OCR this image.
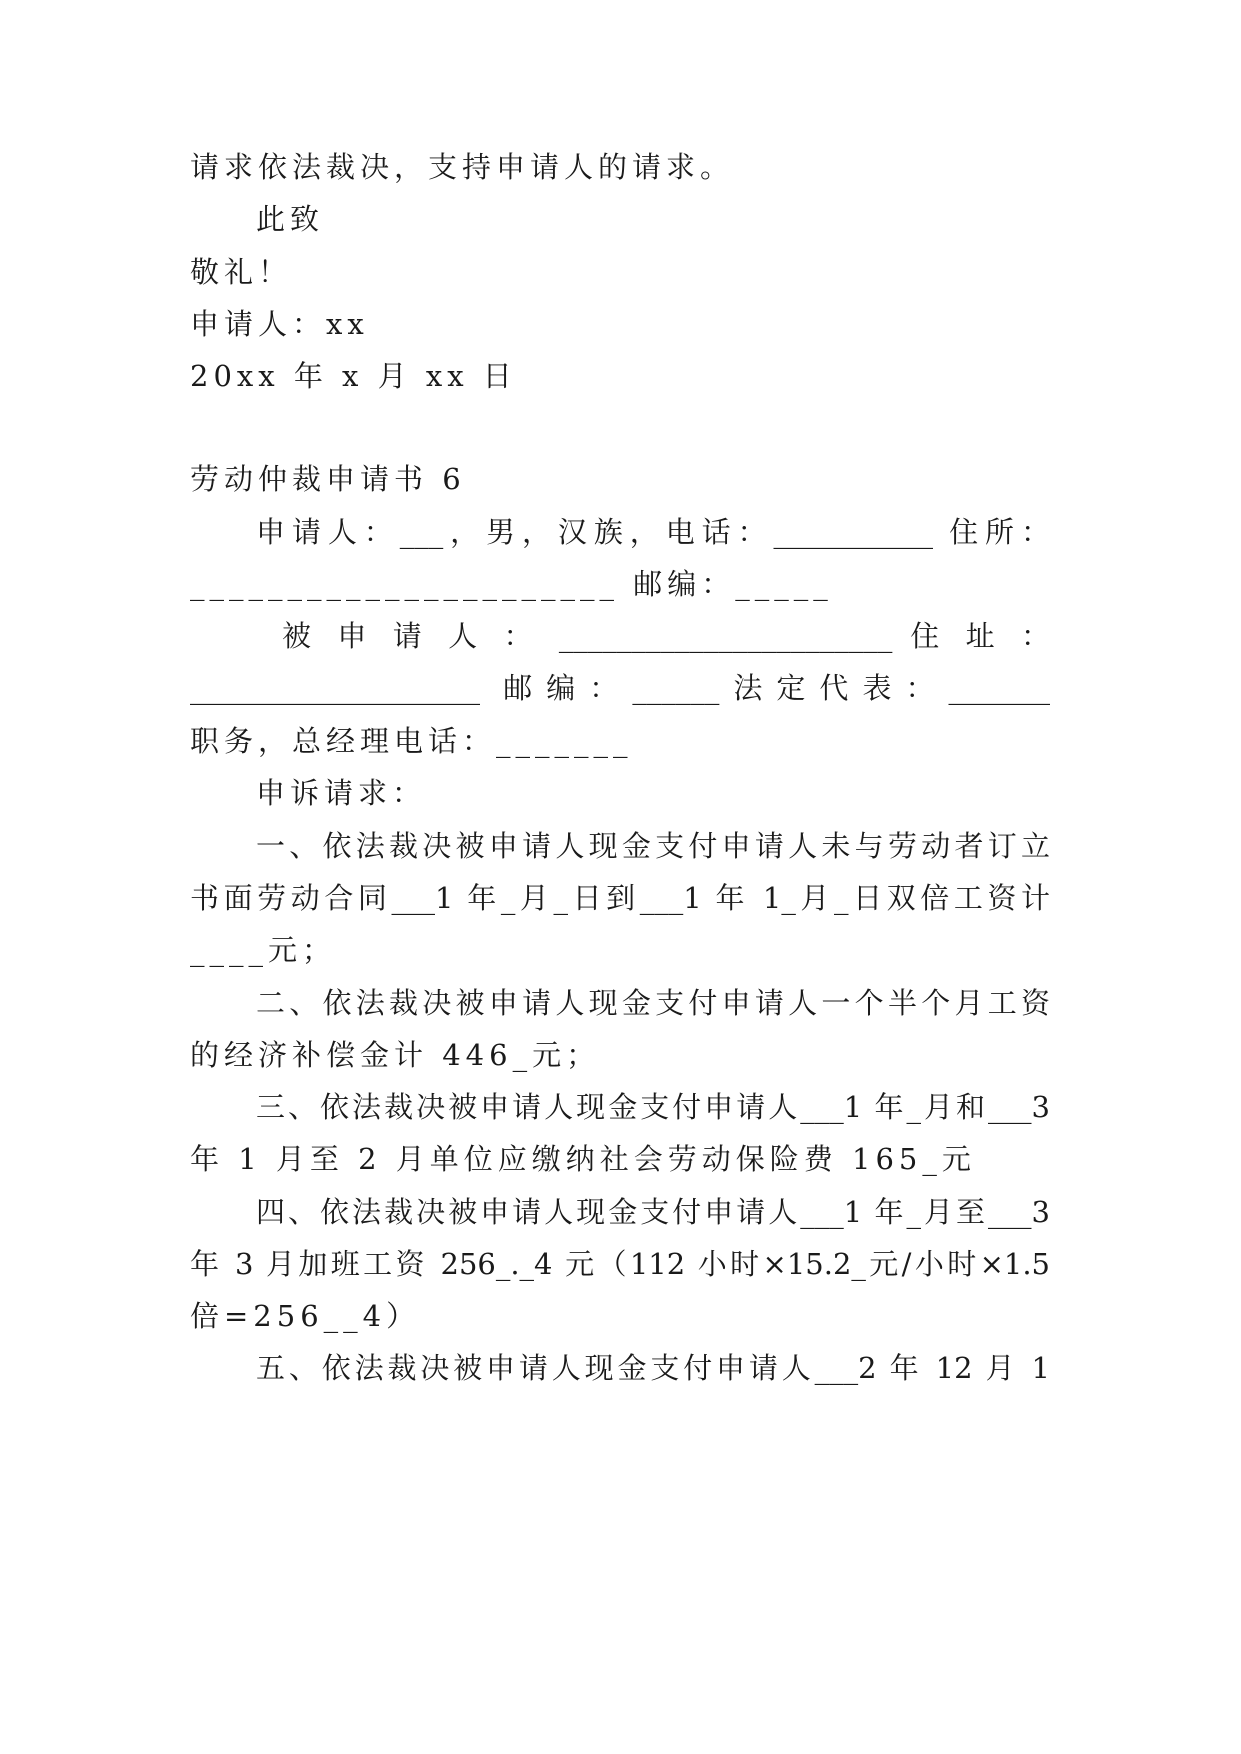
请求依法裁决，支持申请人的请求。
此致
敬礼！
申请人：xx
20xx 年 x 月 xx 日
劳动仲裁申请书 6
申请人：___，男，汉族，电话：___________ 住所：
______________________ 邮编：_____
被 申 请 人 ： _______________________ 住 址 ：
____________________ 邮编：______法定代表：_______
职务，总经理电话：_______
申诉请求：
一、依法裁决被申请人现金支付申请人未与劳动者订立
书面劳动合同___1 年_月_日到___1 年 1_月_日双倍工资计
____元；
二、依法裁决被申请人现金支付申请人一个半个月工资
的经济补偿金计 446_元；
三、依法裁决被申请人现金支付申请人___1 年_月和___3
年 1 月至 2 月单位应缴纳社会劳动保险费 165_元
四、依法裁决被申请人现金支付申请人___1 年_月至___3
年 3 月加班工资 256_._4 元（112 小时×15.2_元/小时×1.5
倍=256__4）
五、依法裁决被申请人现金支付申请人___2 年 12 月 1
